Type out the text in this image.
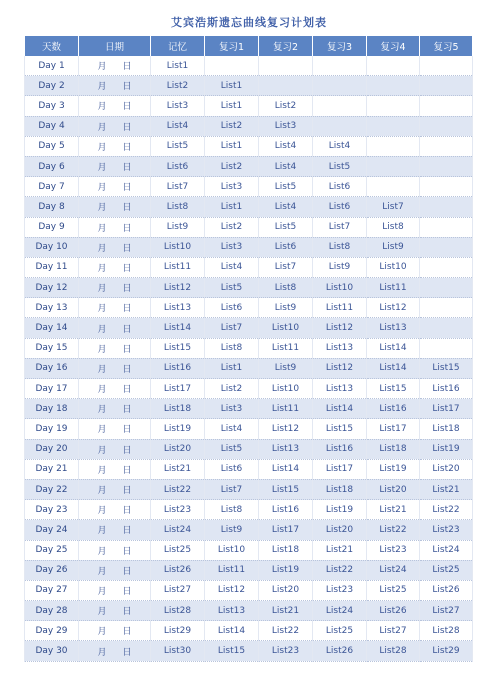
艾宾浩斯遗忘曲线复习计划表
天数	日期	记忆	复习1	复习2	复习3	复习4	复习5
Day 1	月 日	List1					
Day 2	月 日	List2	List1				
Day 3	月 日	List3	List1	List2			
Day 4	月 日	List4	List2	List3			
Day 5	月 日	List5	List1	List4	List4		
Day 6	月 日	List6	List2	List4	List5		
Day 7	月 日	List7	List3	List5	List6		
Day 8	月 日	List8	List1	List4	List6	List7	
Day 9	月 日	List9	List2	List5	List7	List8	
Day 10	月 日	List10	List3	List6	List8	List9	
Day 11	月 日	List11	List4	List7	List9	List10	
Day 12	月 日	List12	List5	List8	List10	List11	
Day 13	月 日	List13	List6	List9	List11	List12	
Day 14	月 日	List14	List7	List10	List12	List13	
Day 15	月 日	List15	List8	List11	List13	List14	
Day 16	月 日	List16	List1	List9	List12	List14	List15
Day 17	月 日	List17	List2	List10	List13	List15	List16
Day 18	月 日	List18	List3	List11	List14	List16	List17
Day 19	月 日	List19	List4	List12	List15	List17	List18
Day 20	月 日	List20	List5	List13	List16	List18	List19
Day 21	月 日	List21	List6	List14	List17	List19	List20
Day 22	月 日	List22	List7	List15	List18	List20	List21
Day 23	月 日	List23	List8	List16	List19	List21	List22
Day 24	月 日	List24	List9	List17	List20	List22	List23
Day 25	月 日	List25	List10	List18	List21	List23	List24
Day 26	月 日	List26	List11	List19	List22	List24	List25
Day 27	月 日	List27	List12	List20	List23	List25	List26
Day 28	月 日	List28	List13	List21	List24	List26	List27
Day 29	月 日	List29	List14	List22	List25	List27	List28
Day 30	月 日	List30	List15	List23	List26	List28	List29
